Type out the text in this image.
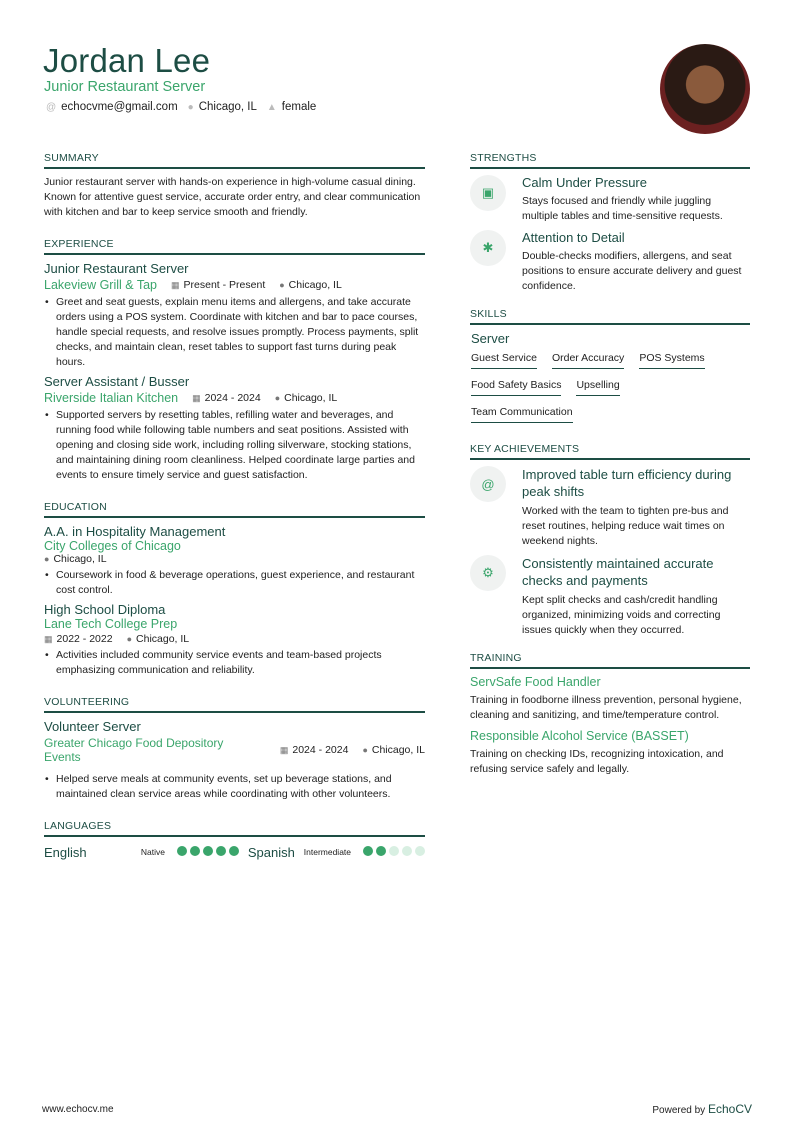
Jordan Lee
Junior Restaurant Server
@ echocvme@gmail.com ● Chicago, IL ▲ female
SUMMARY
Junior restaurant server with hands-on experience in high-volume casual dining. Known for attentive guest service, accurate order entry, and clear communication with kitchen and bar to keep service smooth and friendly.
EXPERIENCE
Junior Restaurant Server
Lakeview Grill & Tap ▦ Present - Present ● Chicago, IL
• Greet and seat guests, explain menu items and allergens, and take accurate orders using a POS system. Coordinate with kitchen and bar to pace courses, handle special requests, and resolve issues promptly. Process payments, split checks, and maintain clean, reset tables to support fast turns during peak hours.
Server Assistant / Busser
Riverside Italian Kitchen ▦ 2024 - 2024 ● Chicago, IL
• Supported servers by resetting tables, refilling water and beverages, and running food while following table numbers and seat positions. Assisted with opening and closing side work, including rolling silverware, stocking stations, and maintaining dining room cleanliness. Helped coordinate large parties and events to ensure timely service and guest satisfaction.
EDUCATION
A.A. in Hospitality Management
City Colleges of Chicago
● Chicago, IL
• Coursework in food & beverage operations, guest experience, and restaurant cost control.
High School Diploma
Lane Tech College Prep
▦ 2022 - 2022 ● Chicago, IL
• Activities included community service events and team-based projects emphasizing communication and reliability.
VOLUNTEERING
Volunteer Server
Greater Chicago Food Depository Events	▦ 2024 - 2024 ● Chicago, IL
• Helped serve meals at community events, set up beverage stations, and maintained clean service areas while coordinating with other volunteers.
LANGUAGES
English	Native	Spanish Intermediate
STRENGTHS
▣
Calm Under Pressure
Stays focused and friendly while juggling multiple tables and time-sensitive requests.
✱
Attention to Detail
Double-checks modifiers, allergens, and seat positions to ensure accurate delivery and guest confidence.
SKILLS
Server
Guest Service Order Accuracy POS Systems
Food Safety Basics Upselling
Team Communication
KEY ACHIEVEMENTS
@
Improved table turn efficiency during peak shifts
Worked with the team to tighten pre-bus and reset routines, helping reduce wait times on weekend nights.
⚙
Consistently maintained accurate checks and payments
Kept split checks and cash/credit handling organized, minimizing voids and correcting issues quickly when they occurred.
TRAINING
ServSafe Food Handler
Training in foodborne illness prevention, personal hygiene, cleaning and sanitizing, and time/temperature control.
Responsible Alcohol Service (BASSET)
Training on checking IDs, recognizing intoxication, and refusing service safely and legally.
www.echocv.me	Powered by EchoCV
